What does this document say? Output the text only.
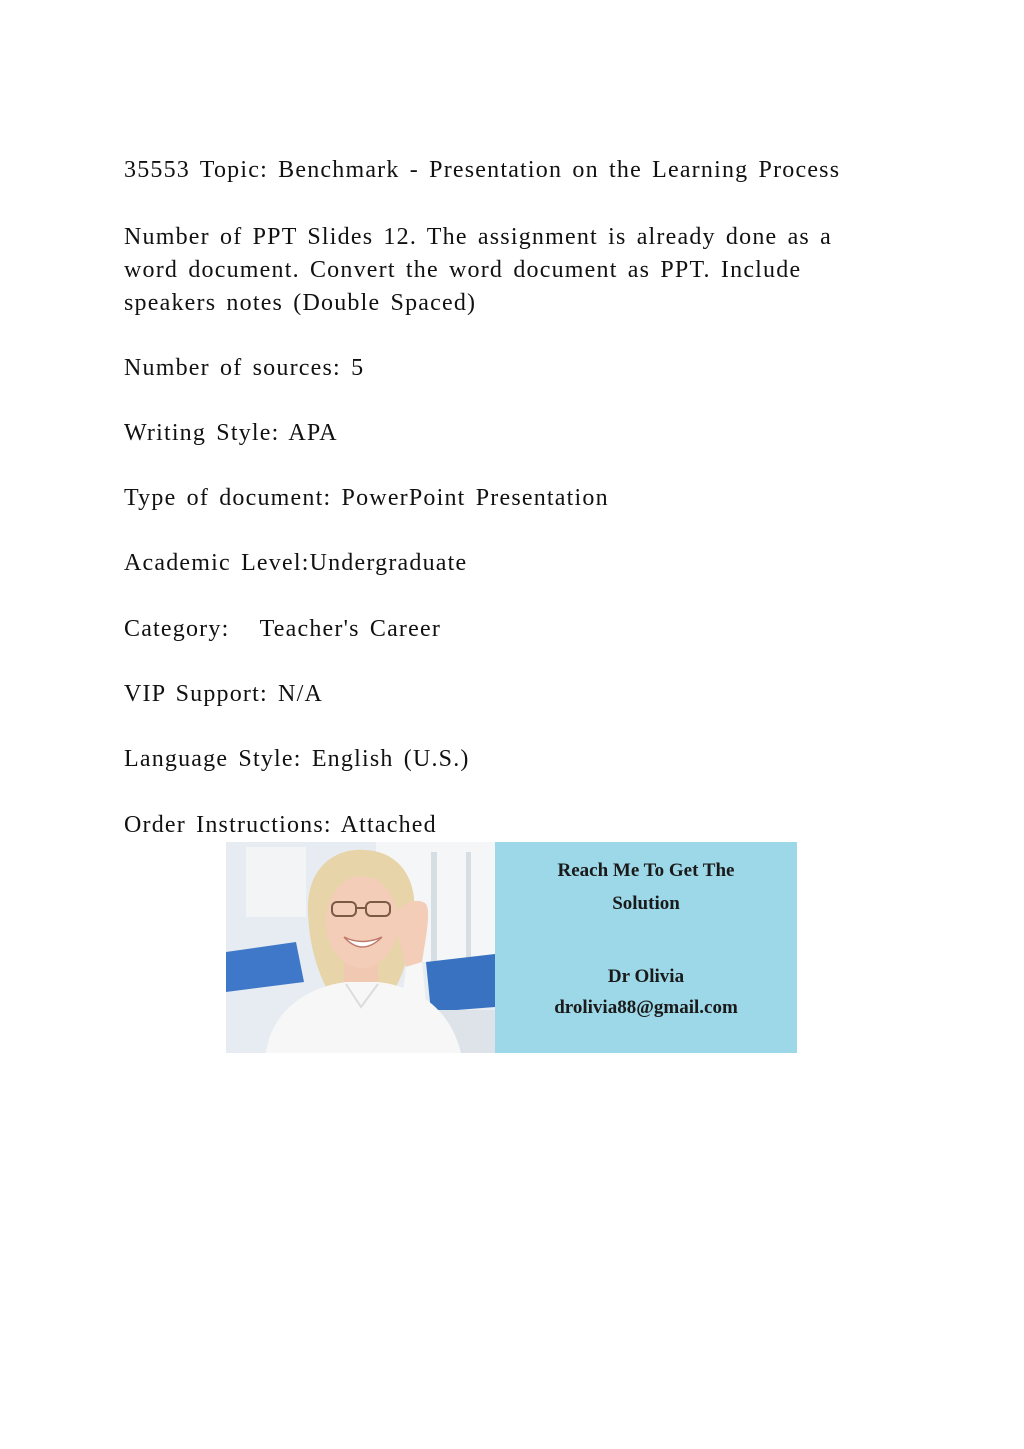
35553 Topic: Benchmark - Presentation on the Learning Process

Number of PPT Slides 12. The assignment is already done as a

word document. Convert the word document as PPT. Include

speakers notes (Double Spaced)

Number of sources: 5

Writing Style: APA

Type of document: PowerPoint Presentation

Academic Level:Undergraduate

Category:   Teacher's Career

VIP Support: N/A

Language Style: English (U.S.)

Order Instructions: Attached

Reach Me To Get The

Solution

Dr Olivia

drolivia88@gmail.com
